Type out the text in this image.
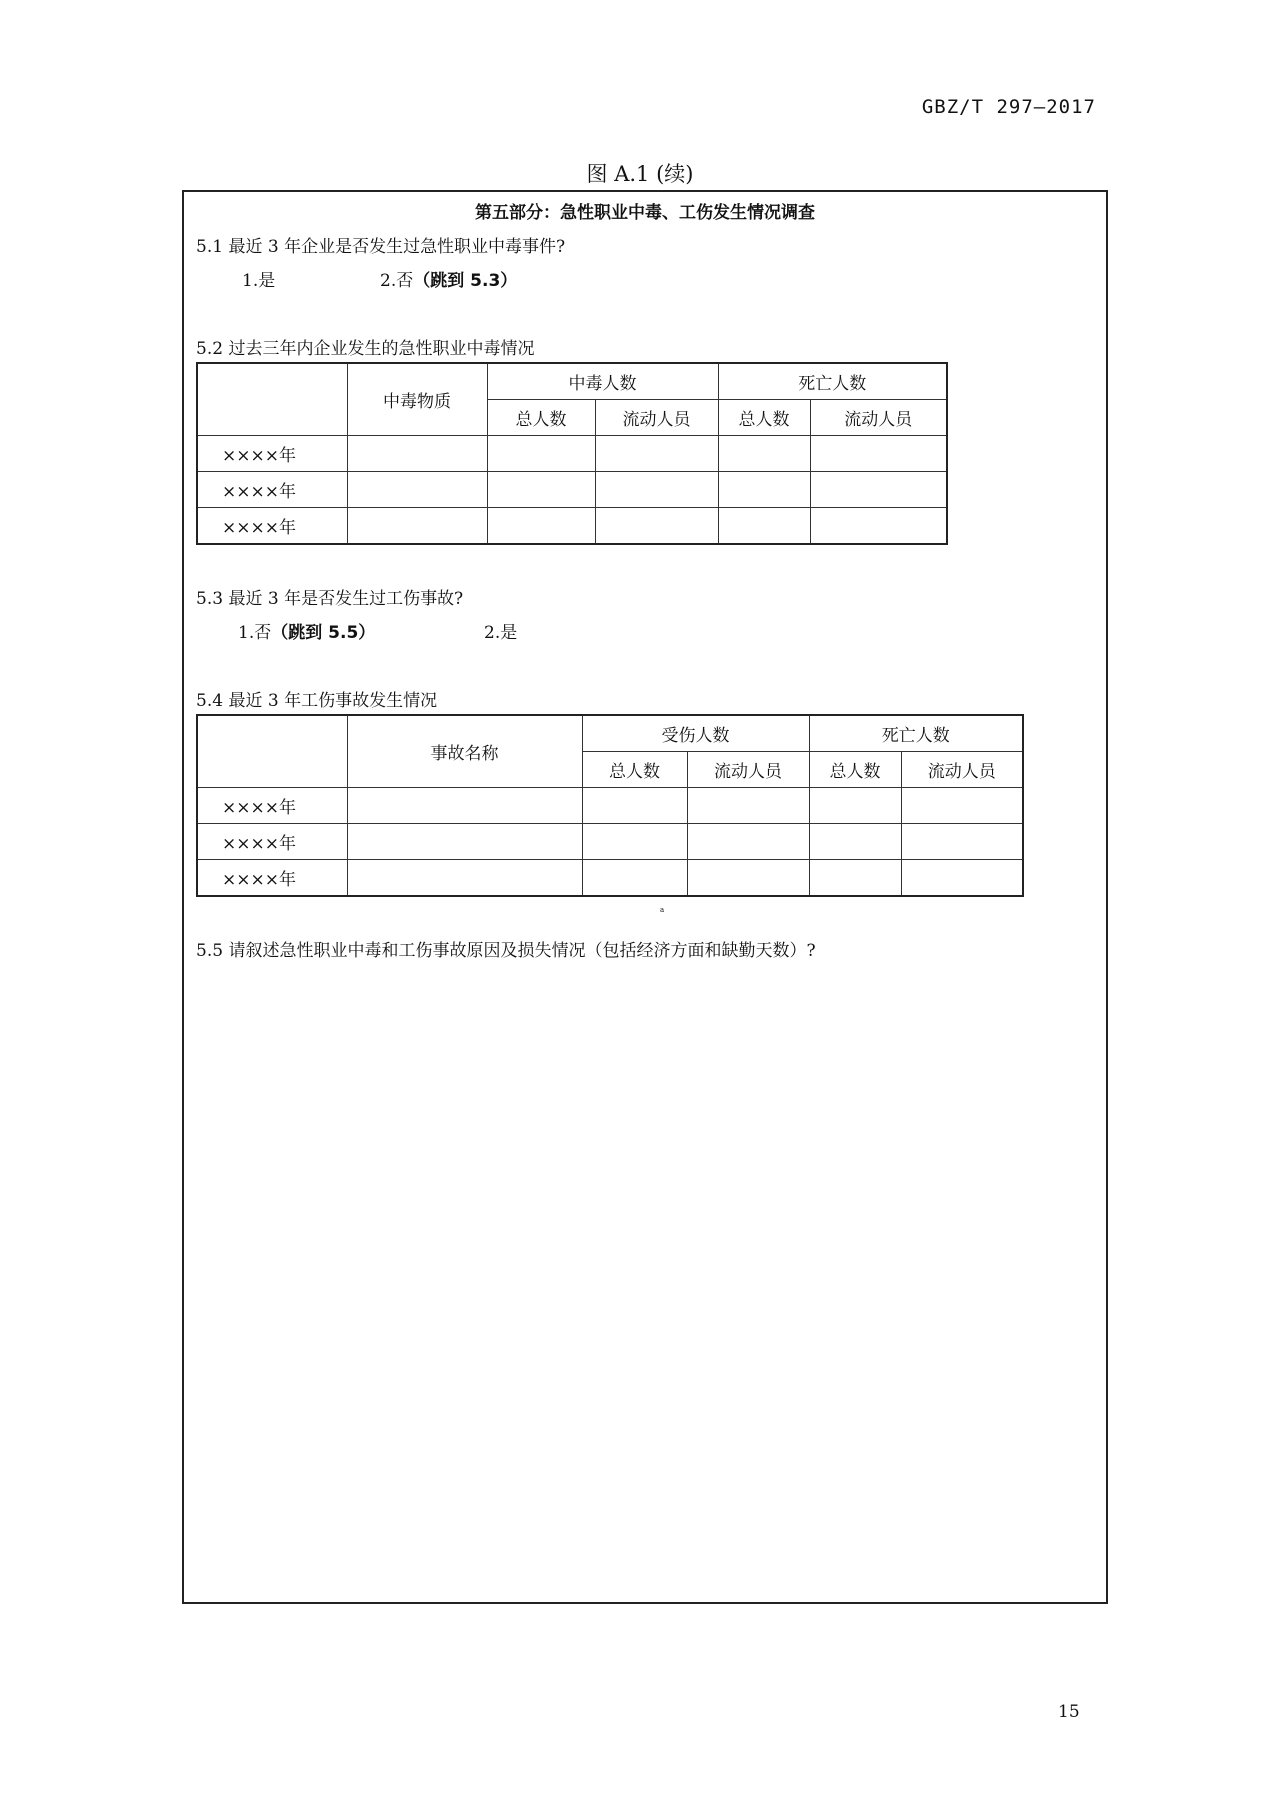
GBZ/T 297—2017
图 A.1 (续)
第五部分：急性职业中毒、工伤发生情况调查
5.1 最近 3 年企业是否发生过急性职业中毒事件?
1.是	2.否（跳到 5.3）
5.2 过去三年内企业发生的急性职业中毒情况
	中毒物质	中毒人数		死亡人数	
		总人数	流动人员	总人数	流动人员
××××年					
××××年					
××××年					
5.3 最近 3 年是否发生过工伤事故?
1.否（跳到 5.5）	2.是
5.4 最近 3 年工伤事故发生情况
	事故名称	受伤人数		死亡人数	
		总人数	流动人员	总人数	流动人员
××××年					
××××年					
××××年					
a
5.5 请叙述急性职业中毒和工伤事故原因及损失情况（包括经济方面和缺勤天数）?
15
